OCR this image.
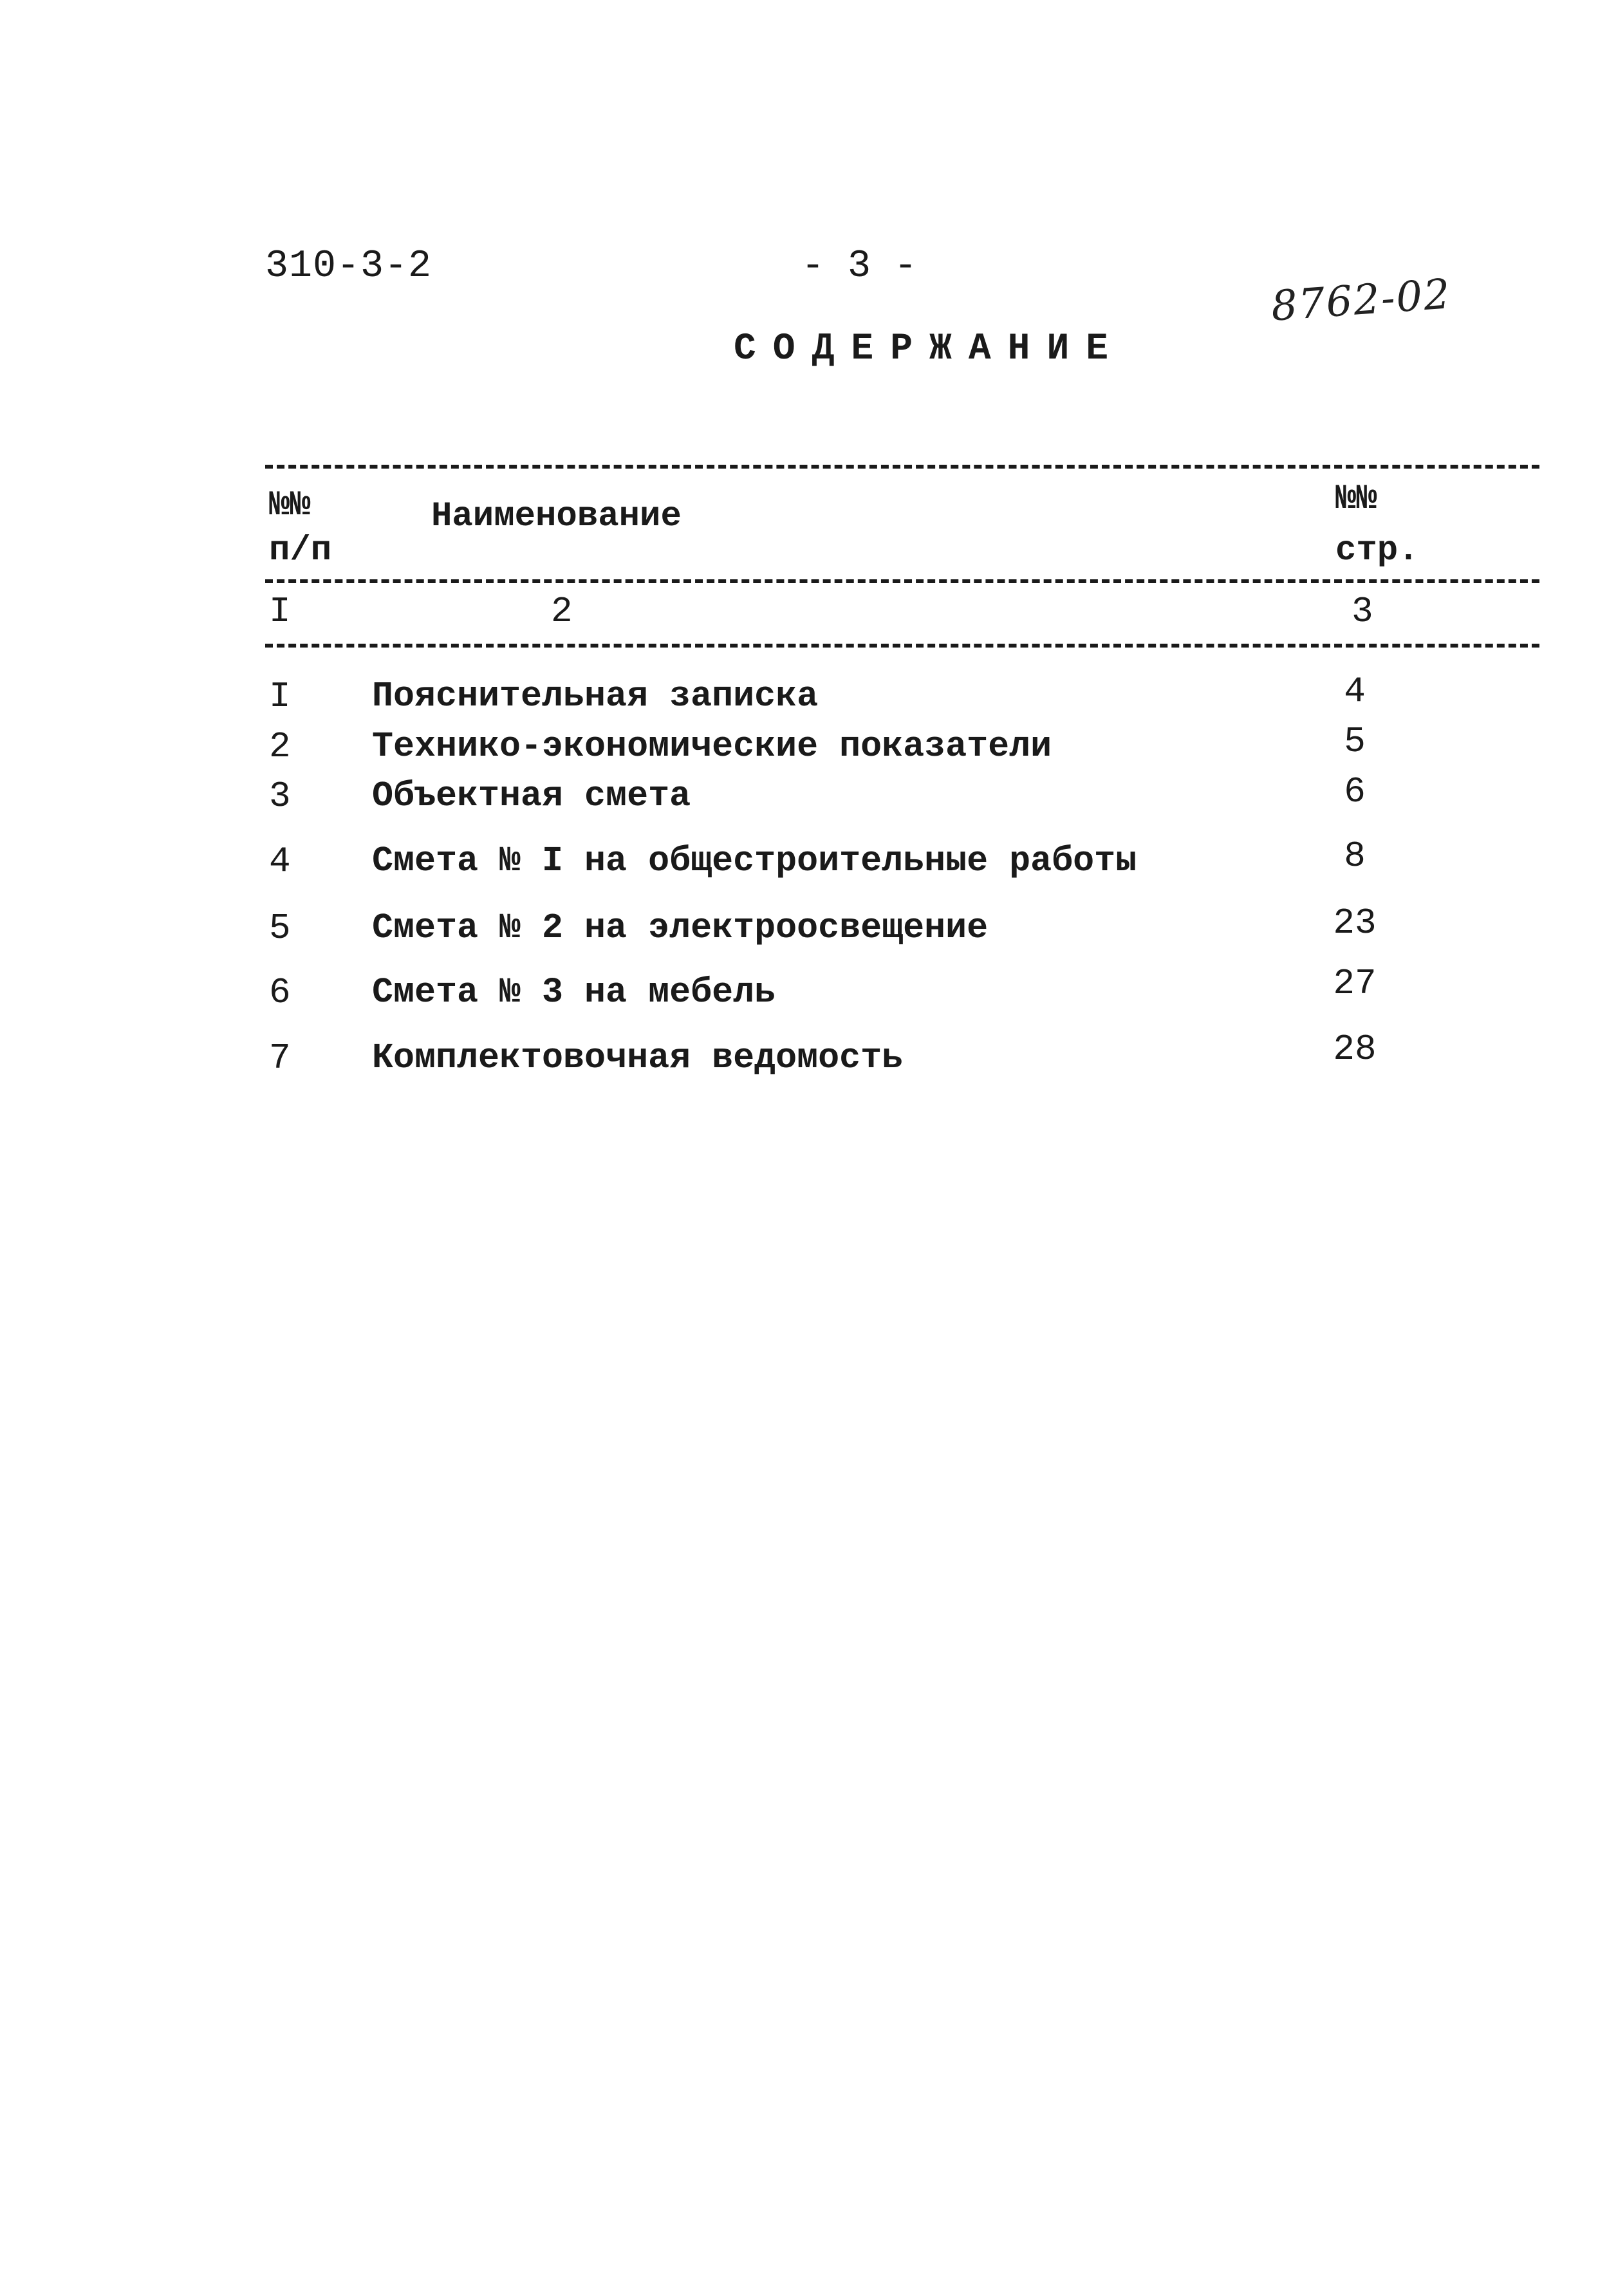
310-3-2	- 3 -
8762-02
СОДЕРЖАНИЕ
№№
п/п
Наименование	№№
стр.
I	2	3
I Пояснительная записка	4
2 Технико-экономические показатели	5
3 Объектная смета	6
4 Смета № I на общестроительные работы	8
5 Смета № 2 на электроосвещение	23
6 Смета № 3 на мебель	27
7 Комплектовочная ведомость	28
